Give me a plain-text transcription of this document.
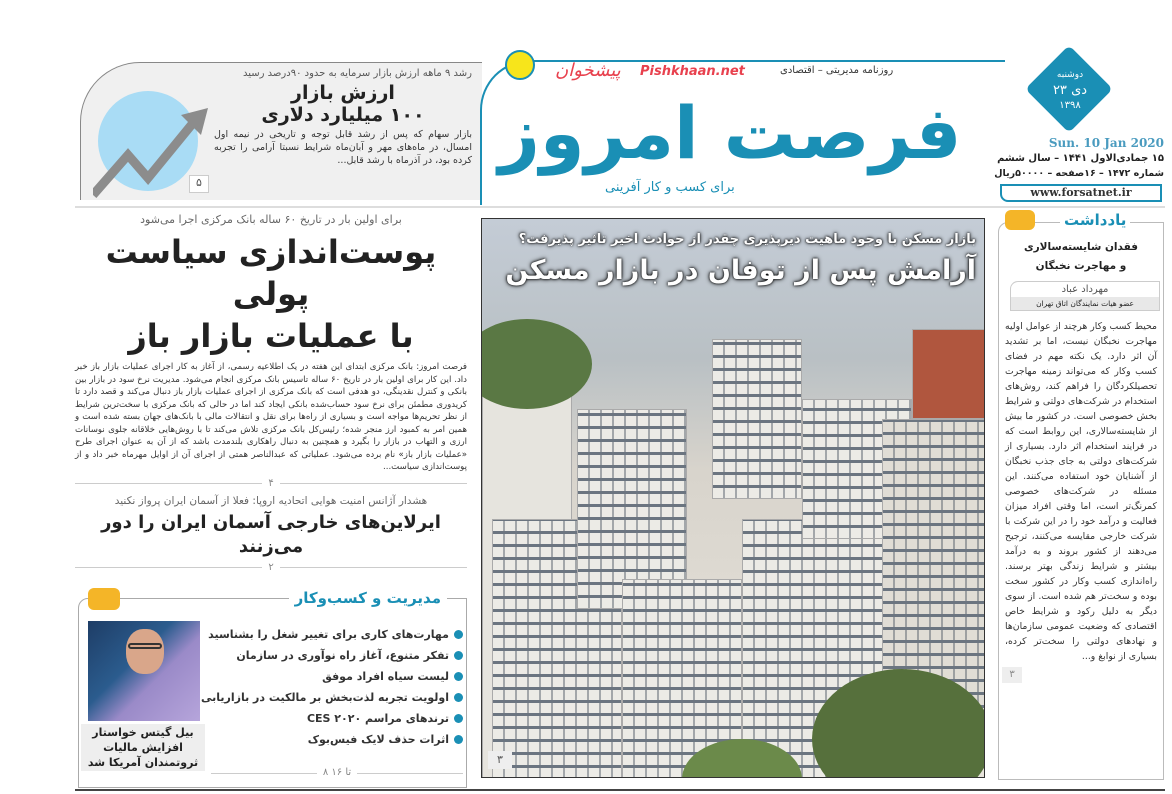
رشد ۹ ماهه ارزش بازار سرمایه به حدود ۹۰درصد رسید
ارزش بازار
۱۰۰ میلیارد دلاری
بازار سهام که پس از رشد قابل توجه و تاریخی در نیمه اول امسال، در ماه‌های مهر و آبان‌ماه شرایط نسبتا آرامی را تجربه کرده بود، در آذرماه با رشد قابل...
۵
فرصت امروز
روزنامه مدیریتی – اقتصادی
برای کسب و کار آفرینی
پیشخوان Pishkhaan.net	دوشنبه
۲۳ دی
۱۳۹۸
Sun. 10 Jan 2020
۱۵ جمادی‌الاول ۱۴۴۱ – سال ششم
شماره ۱۴۷۲ – ۱۶صفحه – ۵۰۰۰۰ریال
www.forsatnet.ir
برای اولین بار در تاریخ ۶۰ ساله بانک مرکزی اجرا می‌شود
پوست‌اندازی سیاست پولی
با عملیات بازار باز
فرصت امروز: بانک مرکزی ابتدای این هفته در یک اطلاعیه رسمی، از آغاز به کار اجرای عملیات بازار باز خبر داد. این کار برای اولین بار در تاریخ ۶۰ ساله تاسیس بانک مرکزی انجام می‌شود. مدیریت نرخ سود در بازار بین بانکی و کنترل نقدینگی، دو هدفی است که بانک مرکزی از اجرای عملیات بازار باز دنبال می‌کند و قصد دارد تا کریدوری مطمئن برای نرخ سود حساب‌شده بانکی ایجاد کند اما در حالی که بانک مرکزی با سخت‌ترین شرایط از نظر تحریم‌ها مواجه است و بسیاری از راه‌ها برای نقل و انتقالات مالی با بانک‌های جهان بسته شده است و همین امر به کمبود ارز منجر شده؛ رئیس‌کل بانک مرکزی تلاش می‌کند تا با روش‌هایی خلاقانه جلوی نوسانات ارزی و التهاب در بازار را بگیرد و همچنین به دنبال راهکاری بلندمدت باشد که از آن به عنوان اجرای طرح «عملیات بازار باز» نام برده می‌شود. عملیاتی که عبدالناصر همتی از اجرای آن از اوایل مهرماه خبر داد و از پوست‌اندازی سیاست...
۴
هشدار آژانس امنیت هوایی اتحادیه اروپا: فعلا از آسمان ایران پرواز نکنید
ایرلاین‌های خارجی آسمان ایران را دور می‌زنند
۲
مدیریت و کسب‌وکار
بیل گیتس خواستار افزایش مالیات ثروتمندان آمریکا شد
مهارت‌های کاری برای تغییر شغل را بشناسید
تفکر متنوع، آغاز راه نوآوری در سازمان
لیست سیاه افراد موفق
اولویت تجربه لذت‌بخش بر مالکیت در بازاریابی
ترندهای مراسم CES ۲۰۲۰
اثرات حذف لایک فیس‌بوک
۸ تا ۱۶
بازار مسکن با وجود ماهیت دیرپذیری چقدر از حوادث اخیر تاثیر پذیرفت؟
آرامش پس از توفان در بازار مسکن
۳
یادداشت
فقدان شایسته‌سالاری
و مهاجرت نخبگان
مهرداد عباد
عضو هیات نمایندگان اتاق تهران
محیط کسب وکار هرچند از عوامل اولیه مهاجرت نخبگان نیست، اما بر تشدید آن اثر دارد. یک نکته مهم در فضای کسب وکار که می‌تواند زمینه مهاجرت تحصیلکردگان را فراهم کند، روش‌های استخدام در شرکت‌های دولتی و شرایط بخش خصوصی است. در کشور ما بیش از شایسته‌سالاری، این روابط است که در فرایند استخدام اثر دارد. بسیاری از شرکت‌های دولتی به جای جذب نخبگان از آشنایان خود استفاده می‌کنند. این مسئله در شرکت‌های خصوصی کمرنگ‌تر است، اما وقتی افراد میزان فعالیت و درآمد خود را در این شرکت با شرکت خارجی مقایسه می‌کنند، ترجیح می‌دهند از کشور بروند و به درآمد بیشتر و شرایط زندگی بهتر برسند. راه‌اندازی کسب وکار در کشور سخت بوده و سخت‌تر هم شده است. از سوی دیگر به دلیل رکود و شرایط خاص اقتصادی که وضعیت عمومی سازمان‌ها و نهادهای دولتی را سخت‌تر کرده، بسیاری از نوابغ و...
۳
